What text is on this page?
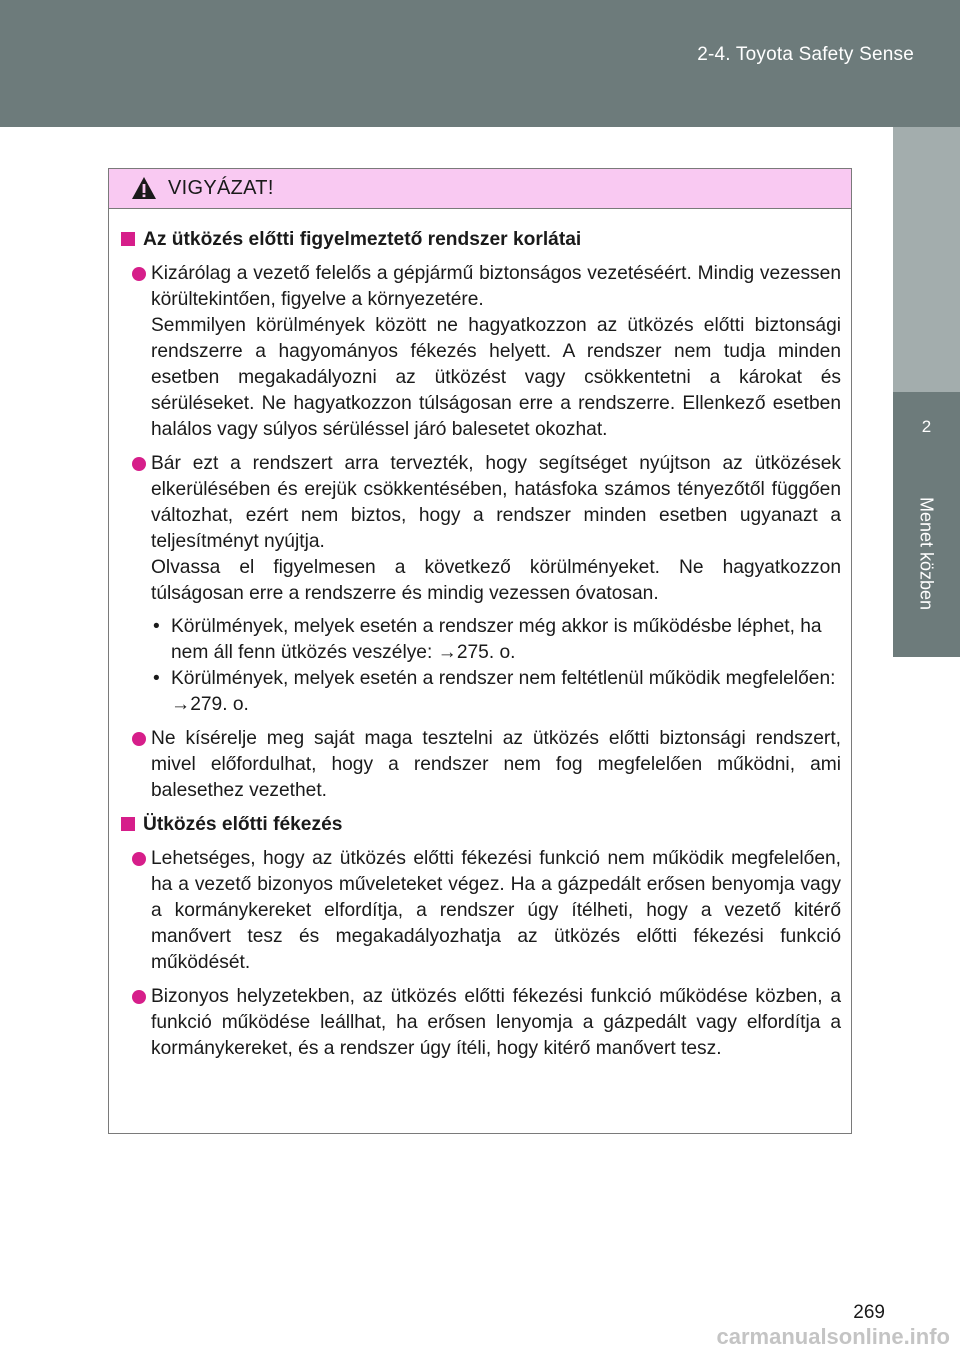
2-4. Toyota Safety Sense
2
Menet közben
VIGYÁZAT!
Az ütközés előtti figyelmeztető rendszer korlátai

Kizárólag a vezető felelős a gépjármű biztonságos vezetéséért. Mindig vezessen körültekintően, figyelve a környezetére.

Semmilyen körülmények között ne hagyatkozzon az ütközés előtti biztonsági rendszerre a hagyományos fékezés helyett. A rendszer nem tudja minden esetben megakadályozni az ütközést vagy csökkentetni a károkat és sérüléseket. Ne hagyatkozzon túlságosan erre a rendszerre. Ellenkező esetben halálos vagy súlyos sérüléssel járó balesetet okozhat.

Bár ezt a rendszert arra tervezték, hogy segítséget nyújtson az ütközések elkerülésében és erejük csökkentésében, hatásfoka számos tényezőtől függően változhat, ezért nem biztos, hogy a rendszer minden esetben ugyanazt a teljesítményt nyújtja.

Olvassa el figyelmesen a következő körülményeket. Ne hagyatkozzon túlságosan erre a rendszerre és mindig vezessen óvatosan.

• Körülmények, melyek esetén a rendszer még akkor is működésbe léphet, ha nem áll fenn ütközés veszélye: →275. o.
• Körülmények, melyek esetén a rendszer nem feltétlenül működik megfelelően: →279. o.

Ne kísérelje meg saját maga tesztelni az ütközés előtti biztonsági rendszert, mivel előfordulhat, hogy a rendszer nem fog megfelelően működni, ami balesethez vezethet.

Ütközés előtti fékezés

Lehetséges, hogy az ütközés előtti fékezési funkció nem működik megfelelően, ha a vezető bizonyos műveleteket végez. Ha a gázpedált erősen benyomja vagy a kormánykereket elfordítja, a rendszer úgy ítélheti, hogy a vezető kitérő manővert tesz és megakadályozhatja az ütközés előtti fékezési funkció működését.

Bizonyos helyzetekben, az ütközés előtti fékezési funkció működése közben, a funkció működése leállhat, ha erősen lenyomja a gázpedált vagy elfordítja a kormánykereket, és a rendszer úgy ítéli, hogy kitérő manővert tesz.

269
carmanualsonline.info
